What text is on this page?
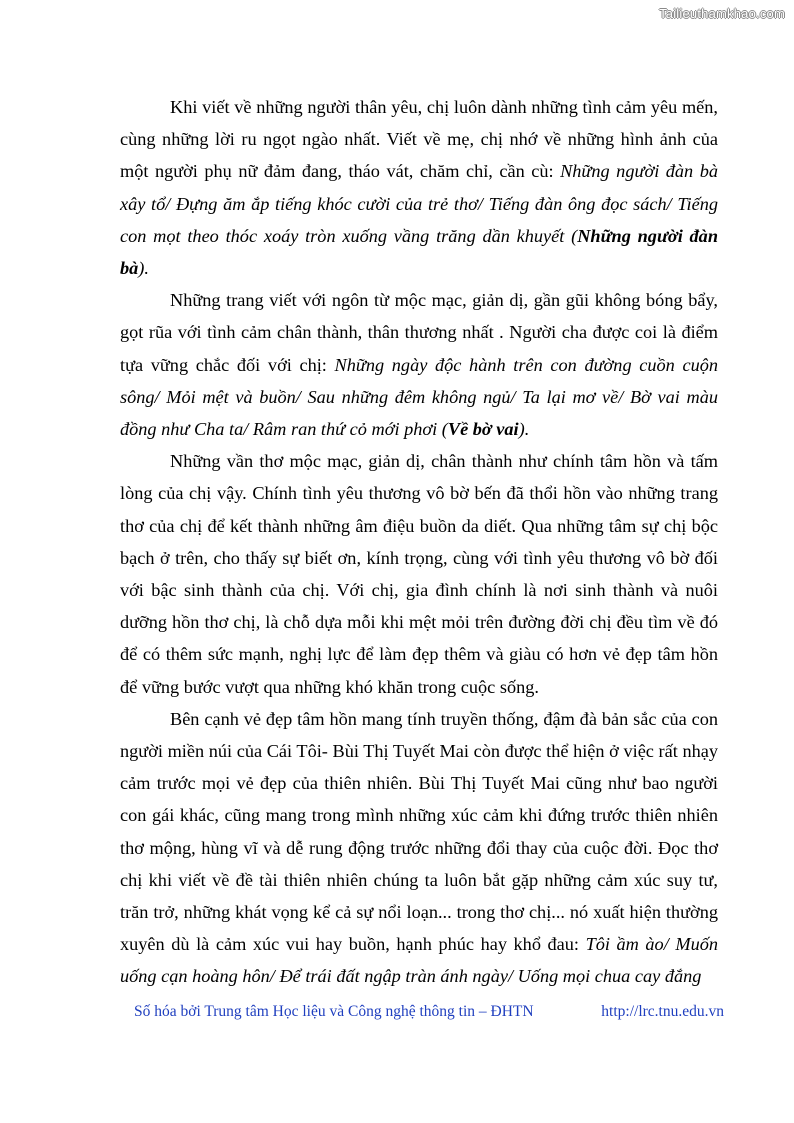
Tailieuthamkhao.com

Khi viết về những người thân yêu, chị luôn dành những tình cảm yêu mến, cùng những lời ru ngọt ngào nhất. Viết về mẹ, chị nhớ về những hình ảnh của một người phụ nữ đảm đang, tháo vát, chăm chỉ, cần cù: Những người đàn bà xây tổ/ Đựng ăm ắp tiếng khóc cười của trẻ thơ/ Tiếng đàn ông đọc sách/ Tiếng con mọt theo thóc xoáy tròn xuống vầng trăng dần khuyết (Những người đàn bà).

Những trang viết với ngôn từ mộc mạc, giản dị, gần gũi không bóng bẩy, gọt rũa với tình cảm chân thành, thân thương nhất . Người cha được coi là điểm tựa vững chắc đối với chị: Những ngày độc hành trên con đường cuồn cuộn sông/ Mỏi mệt và buồn/ Sau những đêm không ngủ/ Ta lại mơ về/ Bờ vai màu đồng như Cha ta/ Râm ran thứ cỏ mới phơi (Về bờ vai).

Những vần thơ mộc mạc, giản dị, chân thành như chính tâm hồn và tấm lòng của chị vậy. Chính tình yêu thương vô bờ bến đã thổi hồn vào những trang thơ của chị để kết thành những âm điệu buồn da diết. Qua những tâm sự chị bộc bạch ở trên, cho thấy sự biết ơn, kính trọng, cùng với tình yêu thương vô bờ đối với bậc sinh thành của chị. Với chị, gia đình chính là nơi sinh thành và nuôi dưỡng hồn thơ chị, là chỗ dựa mỗi khi mệt mỏi trên đường đời chị đều tìm về đó để có thêm sức mạnh, nghị lực để làm đẹp thêm và giàu có hơn vẻ đẹp tâm hồn để vững bước vượt qua những khó khăn trong cuộc sống.

Bên cạnh vẻ đẹp tâm hồn mang tính truyền thống, đậm đà bản sắc của con người miền núi của Cái Tôi- Bùi Thị Tuyết Mai còn được thể hiện ở việc rất nhạy cảm trước mọi vẻ đẹp của thiên nhiên. Bùi Thị Tuyết Mai cũng như bao người con gái khác, cũng mang trong mình những xúc cảm khi đứng trước thiên nhiên thơ mộng, hùng vĩ và dễ rung động trước những đổi thay của cuộc đời. Đọc thơ chị khi viết về đề tài thiên nhiên chúng ta luôn bắt gặp những cảm xúc suy tư, trăn trở, những khát vọng kể cả sự nổi loạn... trong thơ chị... nó xuất hiện thường xuyên dù là cảm xúc vui hay buồn, hạnh phúc hay khổ đau: Tôi ầm ào/ Muốn uống cạn hoàng hôn/ Để trái đất ngập tràn ánh ngày/ Uống mọi chua cay đắng

Số hóa bởi Trung tâm Học liệu và Công nghệ thông tin – ĐHTN	http://lrc.tnu.edu.vn
